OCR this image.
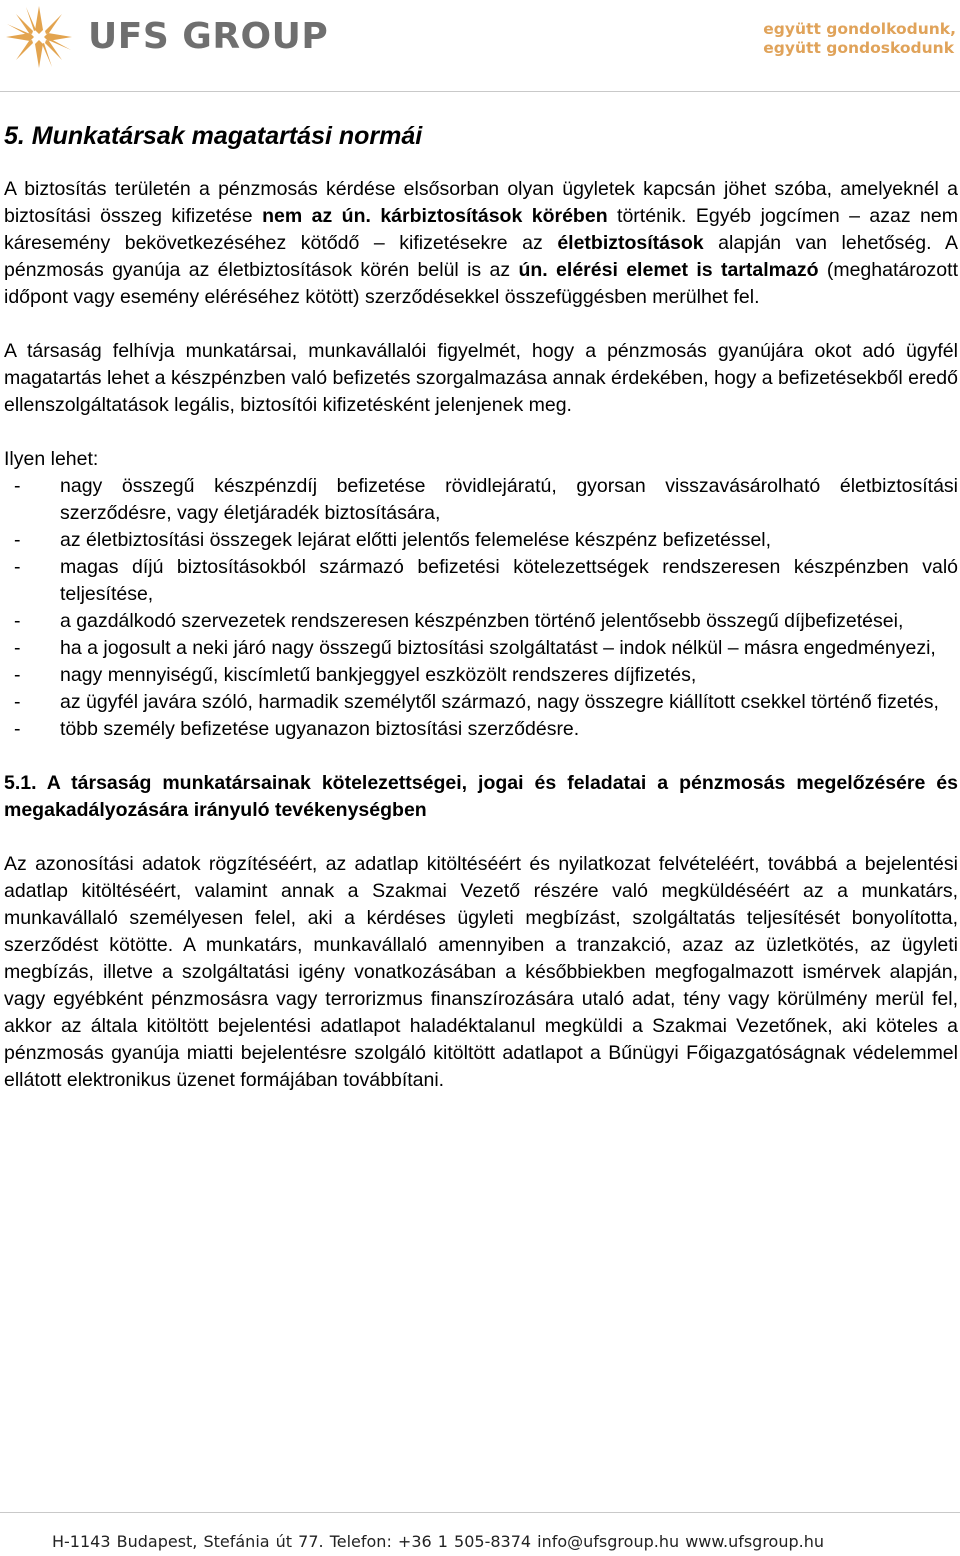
UFS GROUP	együtt gondolkodunk,
együtt gondoskodunk
5. Munkatársak magatartási normái

A biztosítás területén a pénzmosás kérdése elsősorban olyan ügyletek kapcsán jöhet szóba, amelyeknél a biztosítási összeg kifizetése nem az ún. kárbiztosítások körében történik. Egyéb jogcímen – azaz nem káresemény bekövetkezéséhez kötődő – kifizetésekre az életbiztosítások alapján van lehetőség. A pénzmosás gyanúja az életbiztosítások körén belül is az ún. elérési elemet is tartalmazó (meghatározott időpont vagy esemény eléréséhez kötött) szerződésekkel összefüggésben merülhet fel.

A társaság felhívja munkatársai, munkavállalói figyelmét, hogy a pénzmosás gyanújára okot adó ügyfél magatartás lehet a készpénzben való befizetés szorgalmazása annak érdekében, hogy a befizetésekből eredő ellenszolgáltatások legális, biztosítói kifizetésként jelenjenek meg.

Ilyen lehet:

- nagy összegű készpénzdíj befizetése rövidlejáratú, gyorsan visszavásárolható életbiztosítási szerződésre, vagy életjáradék biztosítására,
- az életbiztosítási összegek lejárat előtti jelentős felemelése készpénz befizetéssel,
- magas díjú biztosításokból származó befizetési kötelezettségek rendszeresen készpénzben való teljesítése,
- a gazdálkodó szervezetek rendszeresen készpénzben történő jelentősebb összegű díjbefizetései,
- ha a jogosult a neki járó nagy összegű biztosítási szolgáltatást – indok nélkül – másra engedményezi,
- nagy mennyiségű, kiscímletű bankjeggyel eszközölt rendszeres díjfizetés,
- az ügyfél javára szóló, harmadik személytől származó, nagy összegre kiállított csekkel történő fizetés,
- több személy befizetése ugyanazon biztosítási szerződésre.
5.1. A társaság munkatársainak kötelezettségei, jogai és feladatai a pénzmosás megelőzésére és megakadályozására irányuló tevékenységben

Az azonosítási adatok rögzítéséért, az adatlap kitöltéséért és nyilatkozat felvételéért, továbbá a bejelentési adatlap kitöltéséért, valamint annak a Szakmai Vezető részére való megküldéséért az a munkatárs, munkavállaló személyesen felel, aki a kérdéses ügyleti megbízást, szolgáltatás teljesítését bonyolította, szerződést kötötte. A munkatárs, munkavállaló amennyiben a tranzakció, azaz az üzletkötés, az ügyleti megbízás, illetve a szolgáltatási igény vonatkozásában a későbbiekben megfogalmazott ismérvek alapján, vagy egyébként pénzmosásra vagy terrorizmus finanszírozására utaló adat, tény vagy körülmény merül fel, akkor az általa kitöltött bejelentési adatlapot haladéktalanul megküldi a Szakmai Vezetőnek, aki köteles a pénzmosás gyanúja miatti bejelentésre szolgáló kitöltött adatlapot a Bűnügyi Főigazgatóságnak védelemmel ellátott elektronikus üzenet formájában továbbítani.

H-1143 Budapest, Stefánia út 77. Telefon: +36 1 505-8374 info@ufsgroup.hu www.ufsgroup.hu
